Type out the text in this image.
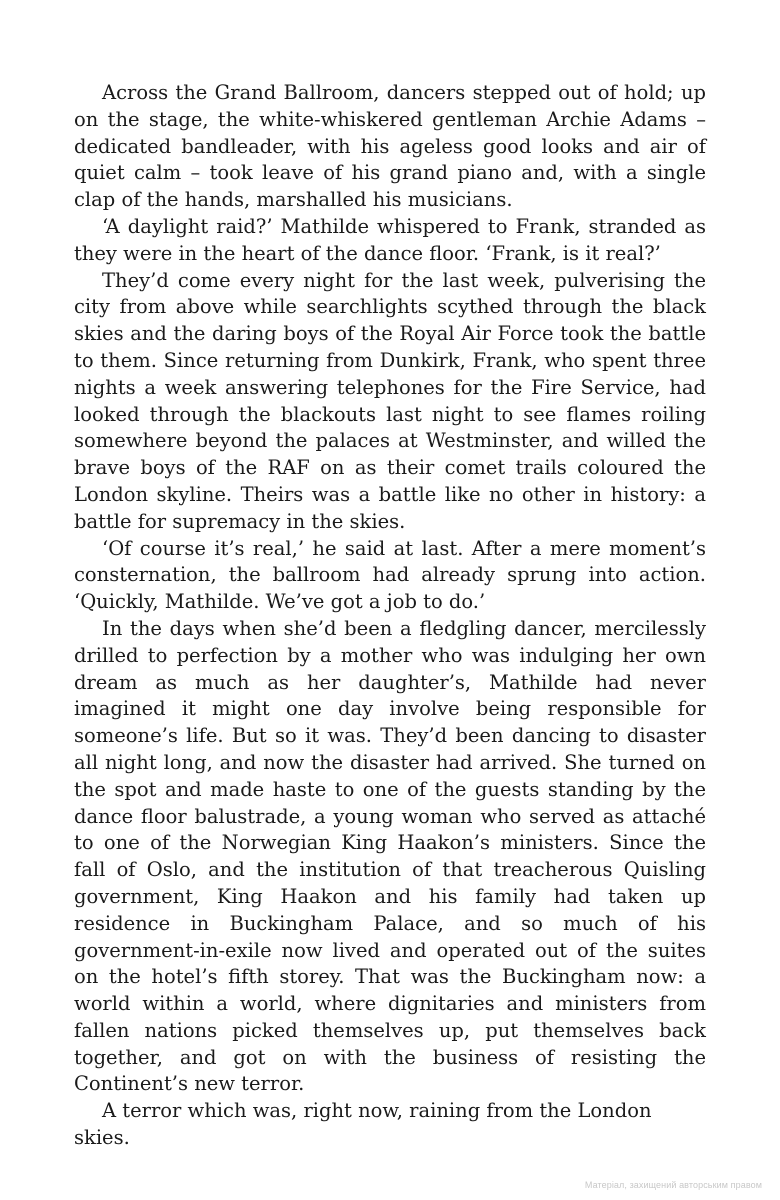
Across the Grand Ballroom, dancers stepped out of hold; up on the stage, the white-whiskered gentleman Archie Adams – dedicated bandleader, with his ageless good looks and air of quiet calm – took leave of his grand piano and, with a single clap of the hands, marshalled his musicians.

‘A daylight raid?’ Mathilde whispered to Frank, stranded as they were in the heart of the dance floor. ‘Frank, is it real?’

They’d come every night for the last week, pulverising the city from above while searchlights scythed through the black skies and the daring boys of the Royal Air Force took the battle to them. Since returning from Dunkirk, Frank, who spent three nights a week answering telephones for the Fire Service, had looked through the blackouts last night to see flames roiling somewhere beyond the palaces at Westminster, and willed the brave boys of the RAF on as their comet trails coloured the London skyline. Theirs was a battle like no other in history: a battle for supremacy in the skies.

‘Of course it’s real,’ he said at last. After a mere moment’s consternation, the ballroom had already sprung into action. ‘Quickly, Mathilde. We’ve got a job to do.’

In the days when she’d been a fledgling dancer, mercilessly drilled to perfection by a mother who was indulging her own dream as much as her daughter’s, Mathilde had never imagined it might one day involve being responsible for someone’s life. But so it was. They’d been dancing to disaster all night long, and now the disaster had arrived. She turned on the spot and made haste to one of the guests standing by the dance floor balustrade, a young woman who served as attaché to one of the Norwegian King Haakon’s ministers. Since the fall of Oslo, and the institution of that treacherous Quisling government, King Haakon and his family had taken up residence in Buckingham Palace, and so much of his government-in-exile now lived and operated out of the suites on the hotel’s fifth storey. That was the Buckingham now: a world within a world, where dignitaries and ministers from fallen nations picked themselves up, put themselves back together, and got on with the business of resisting the Continent’s new terror.

A terror which was, right now, raining from the London skies.

Матеріал, захищений авторським правом
